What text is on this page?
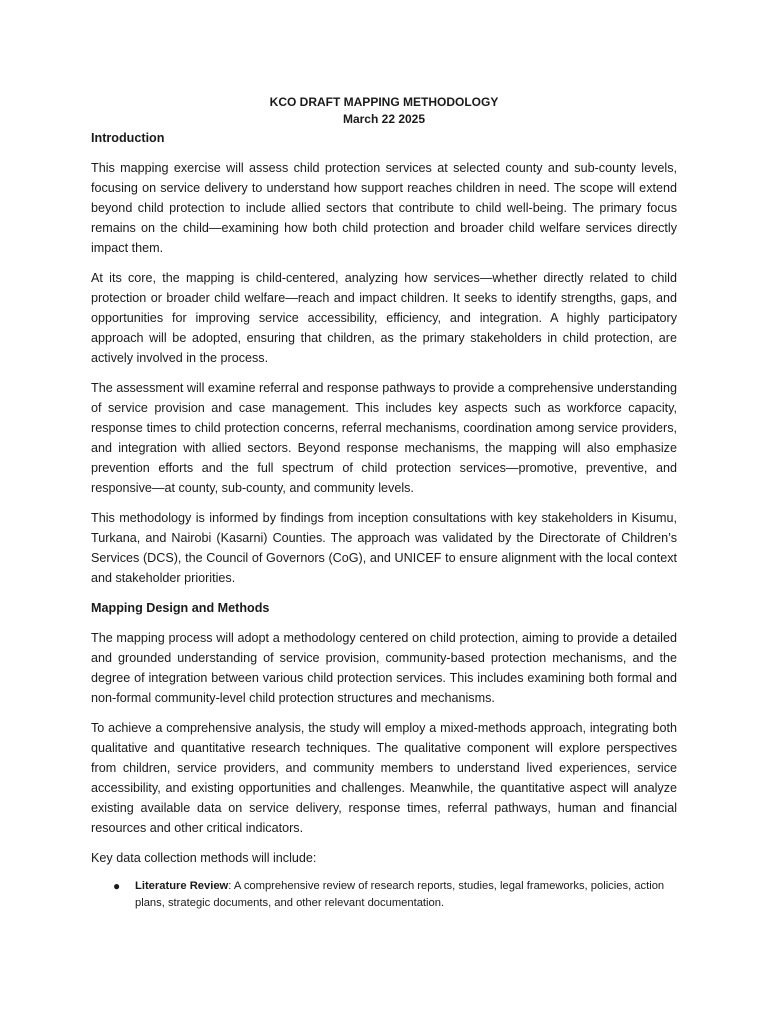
KCO DRAFT MAPPING METHODOLOGY

March 22 2025

Introduction

This mapping exercise will assess child protection services at selected county and sub-county levels, focusing on service delivery to understand how support reaches children in need. The scope will extend beyond child protection to include allied sectors that contribute to child well-being. The primary focus remains on the child—examining how both child protection and broader child welfare services directly impact them.

At its core, the mapping is child-centered, analyzing how services—whether directly related to child protection or broader child welfare—reach and impact children. It seeks to identify strengths, gaps, and opportunities for improving service accessibility, efficiency, and integration. A highly participatory approach will be adopted, ensuring that children, as the primary stakeholders in child protection, are actively involved in the process.

The assessment will examine referral and response pathways to provide a comprehensive understanding of service provision and case management. This includes key aspects such as workforce capacity, response times to child protection concerns, referral mechanisms, coordination among service providers, and integration with allied sectors. Beyond response mechanisms, the mapping will also emphasize prevention efforts and the full spectrum of child protection services—promotive, preventive, and responsive—at county, sub-county, and community levels.

This methodology is informed by findings from inception consultations with key stakeholders in Kisumu, Turkana, and Nairobi (Kasarni) Counties. The approach was validated by the Directorate of Children’s Services (DCS), the Council of Governors (CoG), and UNICEF to ensure alignment with the local context and stakeholder priorities.

Mapping Design and Methods

The mapping process will adopt a methodology centered on child protection, aiming to provide a detailed and grounded understanding of service provision, community-based protection mechanisms, and the degree of integration between various child protection services. This includes examining both formal and non-formal community-level child protection structures and mechanisms.

To achieve a comprehensive analysis, the study will employ a mixed-methods approach, integrating both qualitative and quantitative research techniques. The qualitative component will explore perspectives from children, service providers, and community members to understand lived experiences, service accessibility, and existing opportunities and challenges. Meanwhile, the quantitative aspect will analyze existing available data on service delivery, response times, referral pathways, human and financial resources and other critical indicators.

Key data collection methods will include:

● Literature Review: A comprehensive review of research reports, studies, legal frameworks, policies, action plans, strategic documents, and other relevant documentation.
